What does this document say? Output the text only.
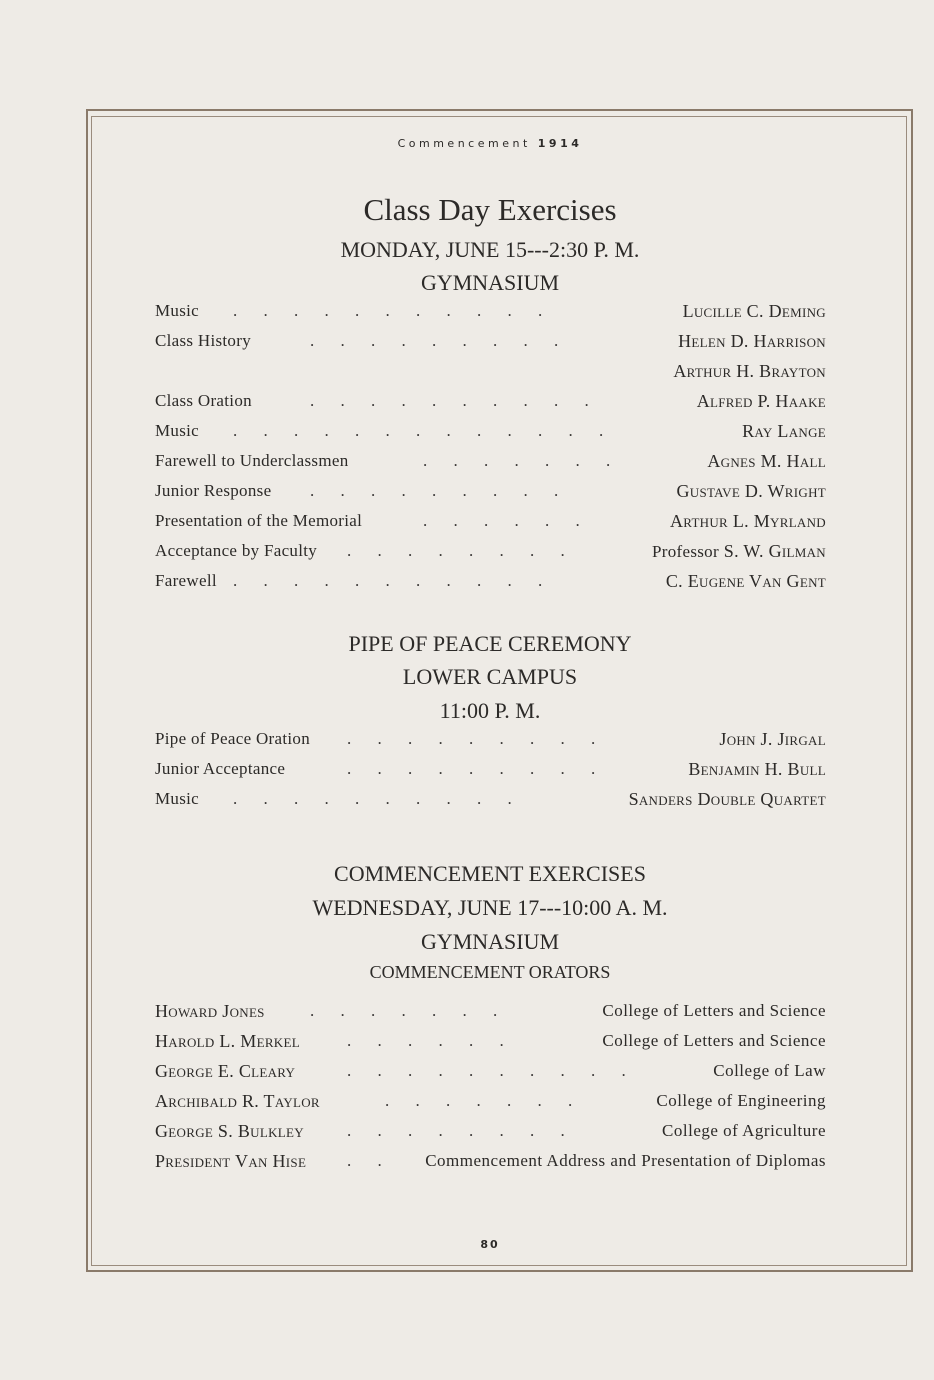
Commencement 1914
Class Day Exercises
MONDAY, JUNE 15---2:30 P. M.
GYMNASIUM
Music . . . . . . . . . . .	Lucille C. Deming
Class History	. . . . . . . . .	Helen D. Harrison
Arthur H. Brayton
Class Oration	. . . . . . . . . .	Alfred P. Haake
Music . . . . . . . . . . . . .	Ray Lange
Farewell to Underclassmen	. . . . . . .	Agnes M. Hall
Junior Response . . . . . . . . .	Gustave D. Wright
Presentation of the Memorial	. . . . . .	Arthur L. Myrland
Acceptance by Faculty . . . . . . . .	Professor S. W. Gilman
Farewell . . . . . . . . . . .	C. Eugene Van Gent
PIPE OF PEACE CEREMONY
LOWER CAMPUS
11:00 P. M.
Pipe of Peace Oration . . . . . . . . .	John J. Jirgal
Junior Acceptance	. . . . . . . . .	Benjamin H. Bull
Music . . . . . . . . . .	Sanders Double Quartet
COMMENCEMENT EXERCISES
WEDNESDAY, JUNE 17---10:00 A. M.
GYMNASIUM
COMMENCEMENT ORATORS
Howard Jones	. . . . . . .	College of Letters and Science
Harold L. Merkel	. . . . . .	College of Letters and Science
George E. Cleary	. . . . . . . . . .	College of Law
Archibald R. Taylor	. . . . . . .	College of Engineering
George S. Bulkley	. . . . . . . .	College of Agriculture
President Van Hise . . Commencement Address and Presentation of Diplomas
80
